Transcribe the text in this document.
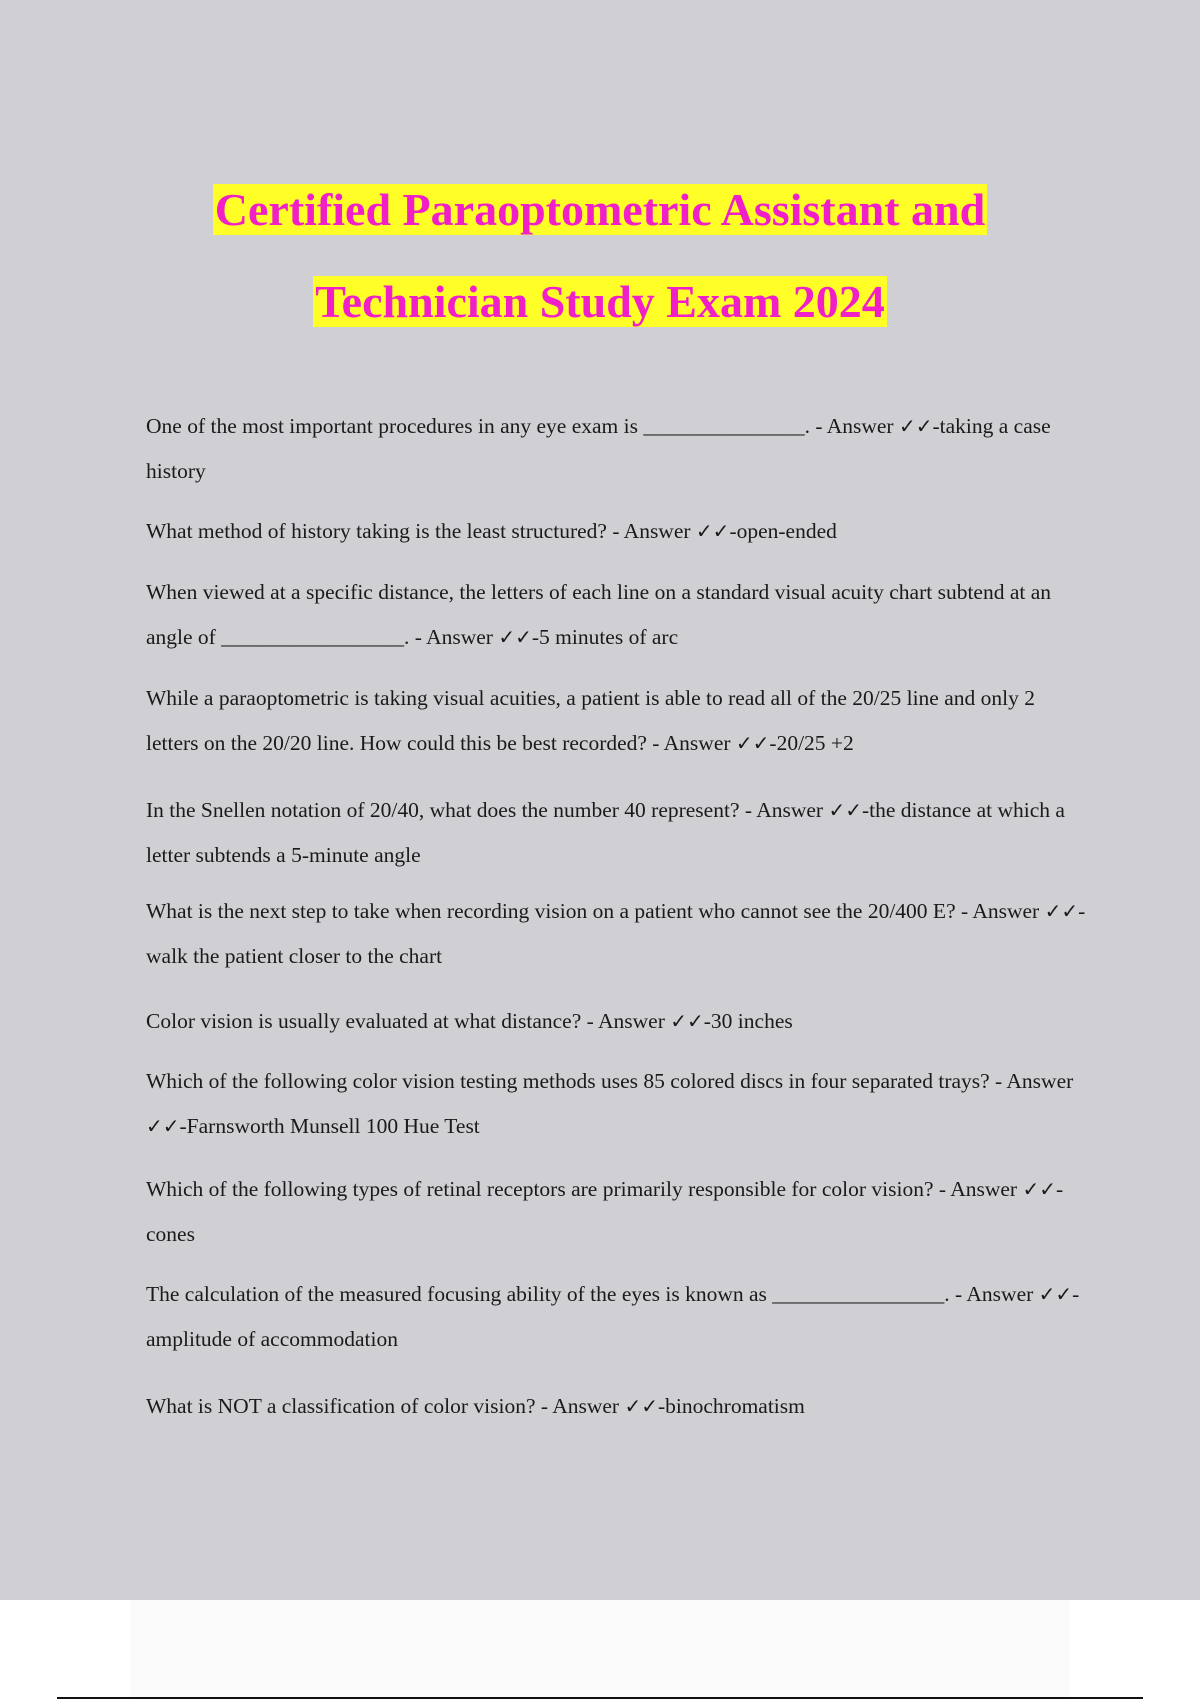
Certified Paraoptometric Assistant and
Technician Study Exam 2024

One of the most important procedures in any eye exam is _______________. - Answer ✓✓-taking a case history

What method of history taking is the least structured? - Answer ✓✓-open-ended

When viewed at a specific distance, the letters of each line on a standard visual acuity chart subtend at an angle of _________________. - Answer ✓✓-5 minutes of arc

While a paraoptometric is taking visual acuities, a patient is able to read all of the 20/25 line and only 2 letters on the 20/20 line. How could this be best recorded? - Answer ✓✓-20/25 +2

In the Snellen notation of 20/40, what does the number 40 represent? - Answer ✓✓-the distance at which a letter subtends a 5-minute angle

What is the next step to take when recording vision on a patient who cannot see the 20/400 E? - Answer ✓✓-walk the patient closer to the chart

Color vision is usually evaluated at what distance? - Answer ✓✓-30 inches

Which of the following color vision testing methods uses 85 colored discs in four separated trays? - Answer ✓✓-Farnsworth Munsell 100 Hue Test

Which of the following types of retinal receptors are primarily responsible for color vision? - Answer ✓✓-cones

The calculation of the measured focusing ability of the eyes is known as ________________. - Answer ✓✓-amplitude of accommodation

What is NOT a classification of color vision? - Answer ✓✓-binochromatism
